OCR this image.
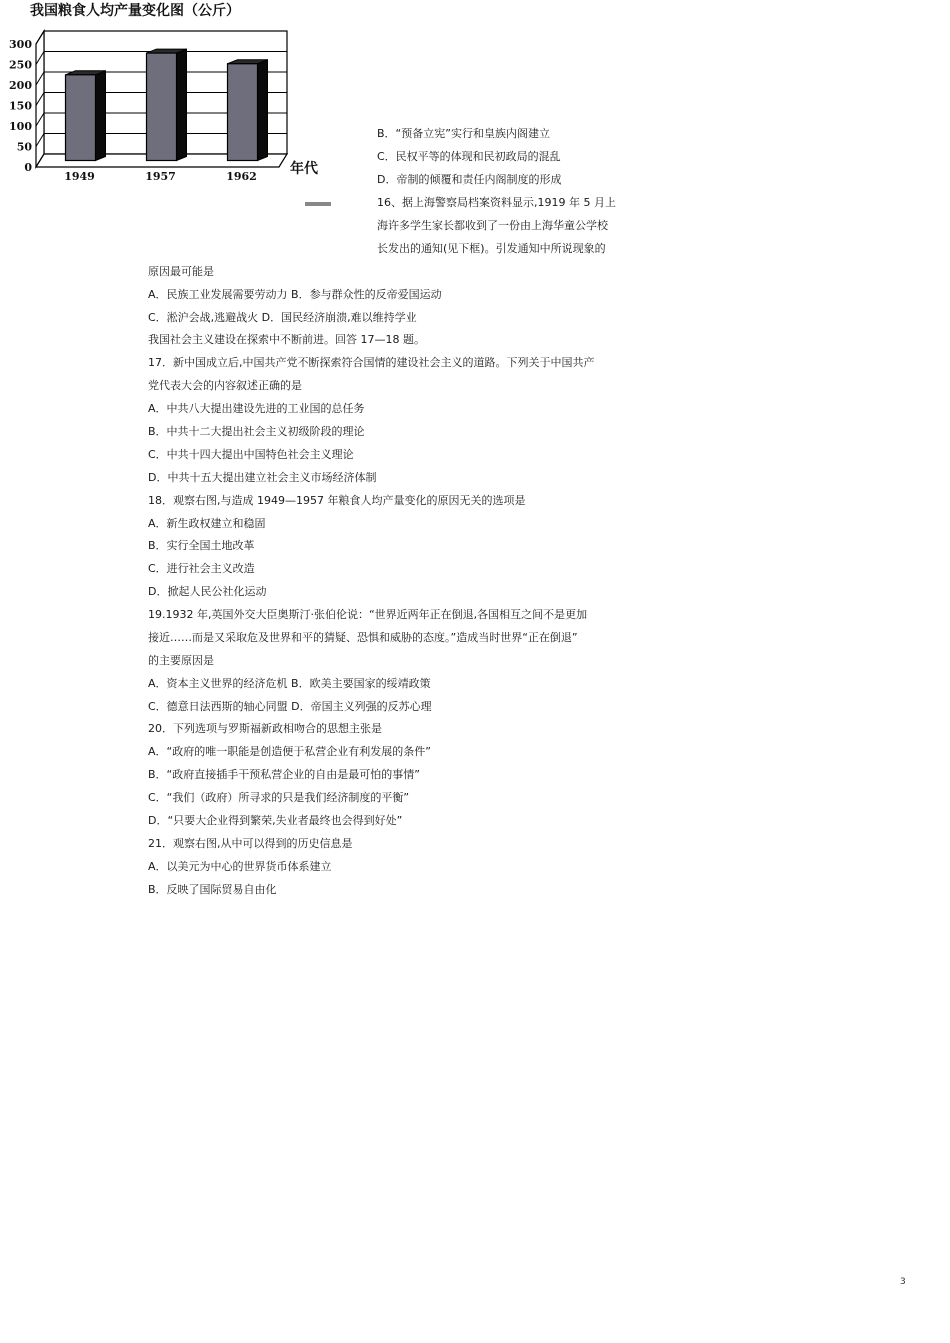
我国粮食人均产量变化图（公斤）
0
50
100
150
200
250
300
1949	1957	1962 年代
B．“预备立宪”实行和皇族内阁建立
C．民权平等的体现和民初政局的混乱
D．帝制的倾覆和责任内阁制度的形成
16、据上海警察局档案资料显示,1919 年 5 月上
海许多学生家长都收到了一份由上海华童公学校
长发出的通知(见下框)。引发通知中所说现象的
原因最可能是
A．民族工业发展需要劳动力 B．参与群众性的反帝爱国运动
C．淞沪会战,逃避战火 D．国民经济崩溃,难以维持学业
我国社会主义建设在探索中不断前进。回答 17—18 题。
17．新中国成立后,中国共产党不断探索符合国情的建设社会主义的道路。下列关于中国共产
党代表大会的内容叙述正确的是
A．中共八大提出建设先进的工业国的总任务
B．中共十二大提出社会主义初级阶段的理论
C．中共十四大提出中国特色社会主义理论
D．中共十五大提出建立社会主义市场经济体制
18．观察右图,与造成 1949—1957 年粮食人均产量变化的原因无关的选项是
A．新生政权建立和稳固
B．实行全国土地改革
C．进行社会主义改造
D．掀起人民公社化运动
19.1932 年,英国外交大臣奥斯汀·张伯伦说：“世界近两年正在倒退,各国相互之间不是更加
接近……而是又采取危及世界和平的猜疑、恐惧和威胁的态度。”造成当时世界“正在倒退”
的主要原因是
A．资本主义世界的经济危机 B．欧美主要国家的绥靖政策
C．德意日法西斯的轴心同盟 D．帝国主义列强的反苏心理
20．下列选项与罗斯福新政相吻合的思想主张是
A．“政府的唯一职能是创造便于私营企业有利发展的条件”
B．“政府直接插手干预私营企业的自由是最可怕的事情”
C．“我们（政府）所寻求的只是我们经济制度的平衡”
D．“只要大企业得到繁荣,失业者最终也会得到好处”
21．观察右图,从中可以得到的历史信息是
A．以美元为中心的世界货币体系建立
B．反映了国际贸易自由化
3
